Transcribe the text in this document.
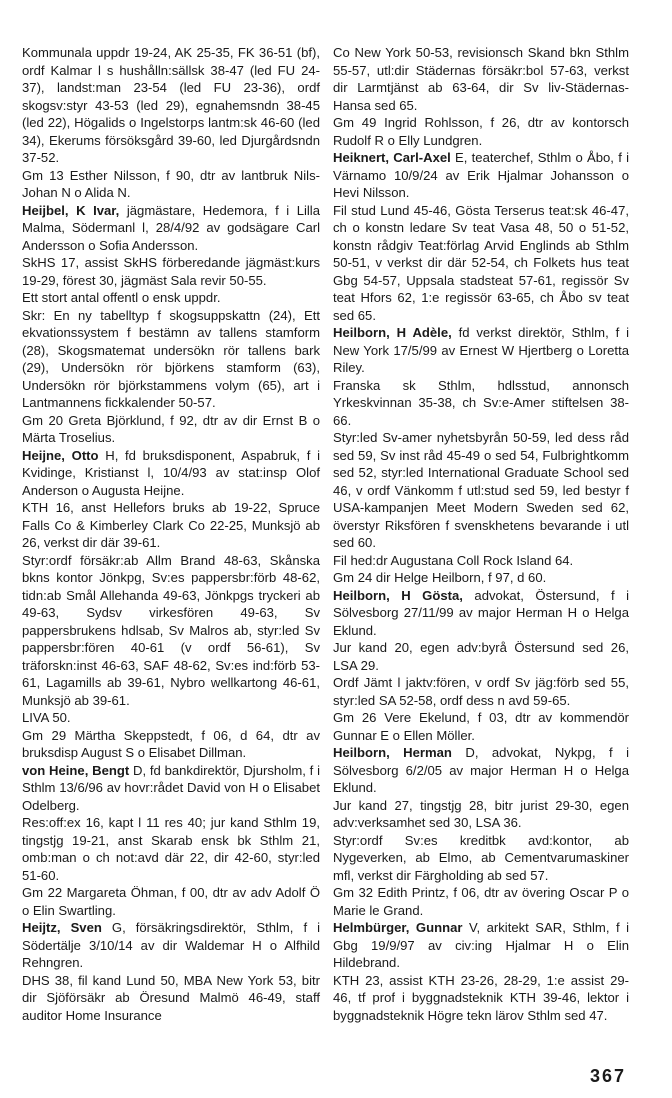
Kommunala uppdr 19-24, AK 25-35, FK 36-51 (bf), ordf Kalmar l s hushålln:sällsk 38-47 (led FU 24-37), landst:man 23-54 (led FU 23-36), ordf skogsv:styr 43-53 (led 29), egnahemsndn 38-45 (led 22), Högalids o Ingelstorps lantm:sk 46-60 (led 34), Ekerums försöksgård 39-60, led Djurgårdsndn 37-52.

Gm 13 Esther Nilsson, f 90, dtr av lantbruk Nils-Johan N o Alida N.

Heijbel, K Ivar, jägmästare, Hedemora, f i Lilla Malma, Södermanl l, 28/4/92 av godsägare Carl Andersson o Sofia Andersson.

SkHS 17, assist SkHS förberedande jägmäst:kurs 19-29, förest 30, jägmäst Sala revir 50-55.

Ett stort antal offentl o ensk uppdr.

Skr: En ny tabelltyp f skogsuppskattn (24), Ett ekvationssystem f bestämn av tallens stamform (28), Skogsmatemat undersökn rör tallens bark (29), Undersökn rör björkens stamform (63), Undersökn rör björkstammens volym (65), art i Lantmannens fickkalender 50-57.

Gm 20 Greta Björklund, f 92, dtr av dir Ernst B o Märta Troselius.

Heijne, Otto H, fd bruksdisponent, Aspabruk, f i Kvidinge, Kristianst l, 10/4/93 av stat:insp Olof Anderson o Augusta Heijne.

KTH 16, anst Hellefors bruks ab 19-22, Spruce Falls Co & Kimberley Clark Co 22-25, Munksjö ab 26, verkst dir där 39-61.

Styr:ordf försäkr:ab Allm Brand 48-63, Skånska bkns kontor Jönkpg, Sv:es pappersbr:förb 48-62, tidn:ab Smål Allehanda 49-63, Jönkpgs tryckeri ab 49-63, Sydsv virkesfören 49-63, Sv pappersbrukens hdlsab, Sv Malros ab, styr:led Sv pappersbr:fören 40-61 (v ordf 56-61), Sv träforskn:inst 46-63, SAF 48-62, Sv:es ind:förb 53-61, Lagamills ab 39-61, Nybro wellkartong 46-61, Munksjö ab 39-61.

LIVA 50.

Gm 29 Märtha Skeppstedt, f 06, d 64, dtr av bruksdisp August S o Elisabet Dillman.

von Heine, Bengt D, fd bankdirektör, Djursholm, f i Sthlm 13/6/96 av hovr:rådet David von H o Elisabet Odelberg.

Res:off:ex 16, kapt l 11 res 40; jur kand Sthlm 19, tingstjg 19-21, anst Skarab ensk bk Sthlm 21, omb:man o ch not:avd där 22, dir 42-60, styr:led 51-60.

Gm 22 Margareta Öhman, f 00, dtr av adv Adolf Ö o Elin Swartling.

Heijtz, Sven G, försäkringsdirektör, Sthlm, f i Södertälje 3/10/14 av dir Waldemar H o Alfhild Rehngren.

DHS 38, fil kand Lund 50, MBA New York 53, bitr dir Sjöförsäkr ab Öresund Malmö 46-49, staff auditor Home Insurance

Co New York 50-53, revisionsch Skand bkn Sthlm 55-57, utl:dir Städernas försäkr:bol 57-63, verkst dir Larmtjänst ab 63-64, dir Sv liv-Städernas-Hansa sed 65.

Gm 49 Ingrid Rohlsson, f 26, dtr av kontorsch Rudolf R o Elly Lundgren.

Heiknert, Carl-Axel E, teaterchef, Sthlm o Åbo, f i Värnamo 10/9/24 av Erik Hjalmar Johansson o Hevi Nilsson.

Fil stud Lund 45-46, Gösta Terserus teat:sk 46-47, ch o konstn ledare Sv teat Vasa 48, 50 o 51-52, konstn rådgiv Teat:förlag Arvid Englinds ab Sthlm 50-51, v verkst dir där 52-54, ch Folkets hus teat Gbg 54-57, Uppsala stadsteat 57-61, regissör Sv teat Hfors 62, 1:e regissör 63-65, ch Åbo sv teat sed 65.

Heilborn, H Adèle, fd verkst direktör, Sthlm, f i New York 17/5/99 av Ernest W Hjertberg o Loretta Riley.

Franska sk Sthlm, hdlsstud, annonsch Yrkeskvinnan 35-38, ch Sv:e-Amer stiftelsen 38-66.

Styr:led Sv-amer nyhetsbyrån 50-59, led dess råd sed 59, Sv inst råd 45-49 o sed 54, Fulbrightkomm sed 52, styr:led International Graduate School sed 46, v ordf Vänkomm f utl:stud sed 59, led bestyr f USA-kampanjen Meet Modern Sweden sed 62, överstyr Riksfören f svenskhetens bevarande i utl sed 60.

Fil hed:dr Augustana Coll Rock Island 64.

Gm 24 dir Helge Heilborn, f 97, d 60.

Heilborn, H Gösta, advokat, Östersund, f i Sölvesborg 27/11/99 av major Herman H o Helga Eklund.

Jur kand 20, egen adv:byrå Östersund sed 26, LSA 29.

Ordf Jämt l jaktv:fören, v ordf Sv jäg:förb sed 55, styr:led SA 52-58, ordf dess n avd 59-65.

Gm 26 Vere Ekelund, f 03, dtr av kommendör Gunnar E o Ellen Möller.

Heilborn, Herman D, advokat, Nykpg, f i Sölvesborg 6/2/05 av major Herman H o Helga Eklund.

Jur kand 27, tingstjg 28, bitr jurist 29-30, egen adv:verksamhet sed 30, LSA 36.

Styr:ordf Sv:es kreditbk avd:kontor, ab Nygeverken, ab Elmo, ab Cementvarumaskiner mfl, verkst dir Färgholding ab sed 57.

Gm 32 Edith Printz, f 06, dtr av övering Oscar P o Marie le Grand.

Helmbürger, Gunnar V, arkitekt SAR, Sthlm, f i Gbg 19/9/97 av civ:ing Hjalmar H o Elin Hildebrand.

KTH 23, assist KTH 23-26, 28-29, 1:e assist 29-46, tf prof i byggnadsteknik KTH 39-46, lektor i byggnadsteknik Högre tekn lärov Sthlm sed 47.

367
